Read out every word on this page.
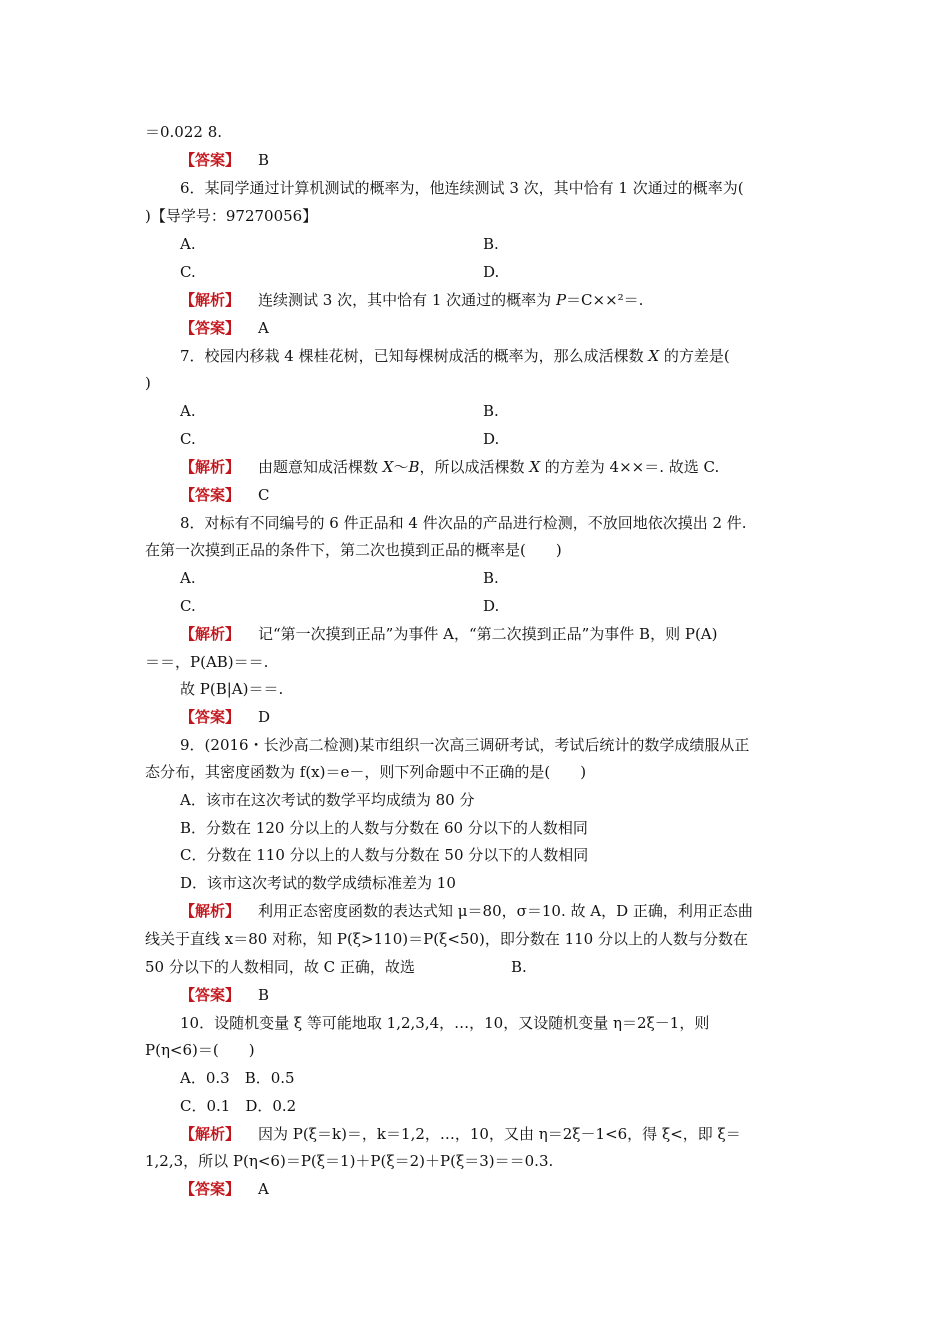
＝0.022 8.
【答案】 B
6．某同学通过计算机测试的概率为，他连续测试 3 次，其中恰有 1 次通过的概率为(
)【导学号：97270056】
A.	B.
C.	D.
【解析】 连续测试 3 次，其中恰有 1 次通过的概率为 P＝C××²＝.
【答案】 A
7．校园内移栽 4 棵桂花树，已知每棵树成活的概率为，那么成活棵数 X 的方差是(
)
A.	B.
C.	D.
【解析】 由题意知成活棵数 X～B，所以成活棵数 X 的方差为 4××＝. 故选 C.
【答案】 C
8．对标有不同编号的 6 件正品和 4 件次品的产品进行检测，不放回地依次摸出 2 件.
在第一次摸到正品的条件下，第二次也摸到正品的概率是(　　)
A.	B.
C.	D.
【解析】 记“第一次摸到正品”为事件 A，“第二次摸到正品”为事件 B，则 P(A)
＝＝，P(AB)＝＝.
故 P(B|A)＝＝.
【答案】 D
9．(2016・长沙高二检测)某市组织一次高三调研考试，考试后统计的数学成绩服从正
态分布，其密度函数为 f(x)＝e－，则下列命题中不正确的是(　　)
A．该市在这次考试的数学平均成绩为 80 分
B．分数在 120 分以上的人数与分数在 60 分以下的人数相同
C．分数在 110 分以上的人数与分数在 50 分以下的人数相同
D．该市这次考试的数学成绩标准差为 10
【解析】 利用正态密度函数的表达式知 μ＝80，σ＝10. 故 A，D 正确，利用正态曲
线关于直线 x＝80 对称，知 P(ξ>110)＝P(ξ<50)，即分数在 110 分以上的人数与分数在
50 分以下的人数相同，故 C 正确，故选	B.
【答案】 B
10．设随机变量 ξ 等可能地取 1,2,3,4，…，10，又设随机变量 η＝2ξ－1，则
P(η<6)＝(　　)
A．0.3　B．0.5
C．0.1　D．0.2
【解析】 因为 P(ξ＝k)＝，k＝1,2，…，10，又由 η＝2ξ－1<6，得 ξ<，即 ξ＝
1,2,3，所以 P(η<6)＝P(ξ＝1)＋P(ξ＝2)＋P(ξ＝3)＝＝0.3.
【答案】 A
